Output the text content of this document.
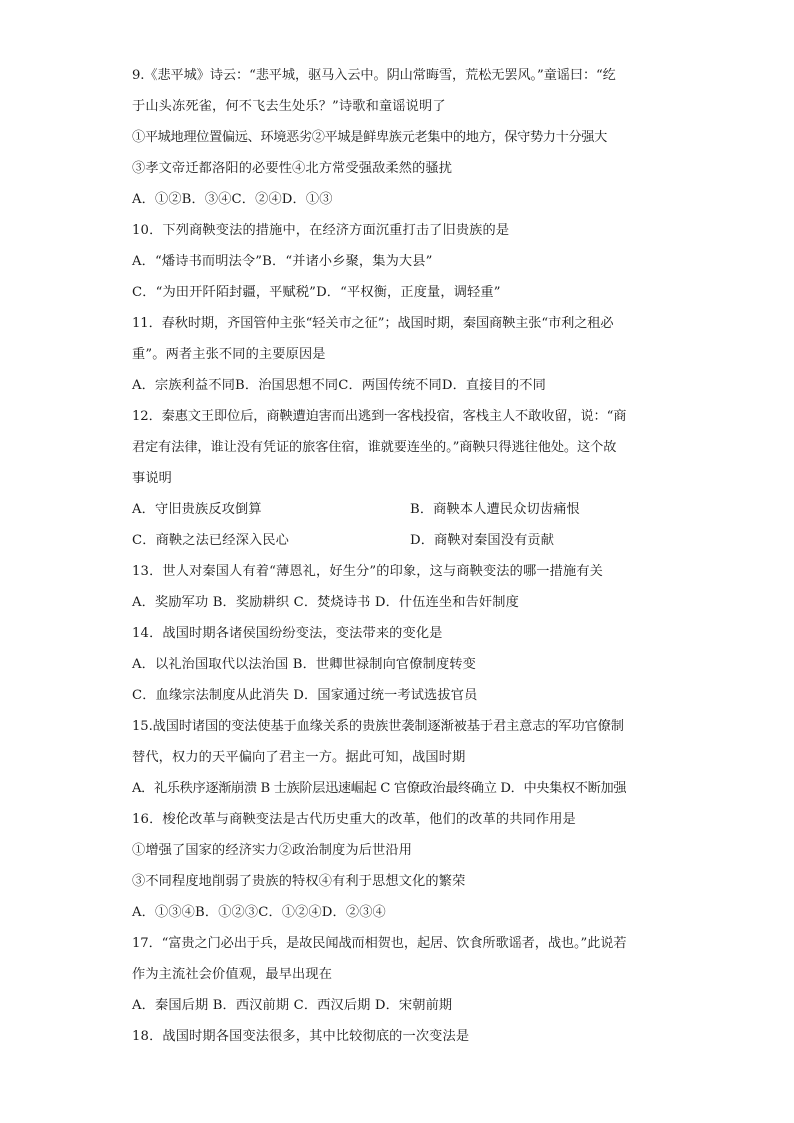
9.《悲平城》诗云：“悲平城，驱马入云中。阴山常晦雪，荒松无罢风。”童谣曰：“纥
于山头冻死雀，何不飞去生处乐？”诗歌和童谣说明了
①平城地理位置偏远、环境恶劣②平城是鲜卑族元老集中的地方，保守势力十分强大
③孝文帝迁都洛阳的必要性④北方常受强敌柔然的骚扰
A．①②B．③④C．②④D．①③
10．下列商鞅变法的措施中，在经济方面沉重打击了旧贵族的是
A．“燔诗书而明法令”B．“并诸小乡聚，集为大县”
C．“为田开阡陌封疆，平赋税”D．“平权衡，正度量，调轻重”
11．春秋时期，齐国管仲主张“轻关市之征”；战国时期，秦国商鞅主张“市利之租必
重”。两者主张不同的主要原因是
A．宗族利益不同B．治国思想不同C．两国传统不同D．直接目的不同
12．秦惠文王即位后，商鞅遭迫害而出逃到一客栈投宿，客栈主人不敢收留，说：“商
君定有法律，谁让没有凭证的旅客住宿，谁就要连坐的。”商鞅只得逃往他处。这个故
事说明
A．守旧贵族反攻倒算	B．商鞅本人遭民众切齿痛恨
C．商鞅之法已经深入民心	D．商鞅对秦国没有贡献
13．世人对秦国人有着“薄恩礼，好生分”的印象，这与商鞅变法的哪一措施有关
A．奖励军功 B．奖励耕织 C．焚烧诗书 D．什伍连坐和告奸制度
14．战国时期各诸侯国纷纷变法，变法带来的变化是
A．以礼治国取代以法治国 B．世卿世禄制向官僚制度转变
C．血缘宗法制度从此消失 D．国家通过统一考试选拔官员
15.战国时诸国的变法使基于血缘关系的贵族世袭制逐渐被基于君主意志的军功官僚制
替代，权力的天平偏向了君主一方。据此可知，战国时期
A．礼乐秩序逐渐崩溃 B 士族阶层迅速崛起 C 官僚政治最终确立 D．中央集权不断加强
16．梭伦改革与商鞅变法是古代历史重大的改革，他们的改革的共同作用是
①增强了国家的经济实力②政治制度为后世沿用
③不同程度地削弱了贵族的特权④有利于思想文化的繁荣
A．①③④B．①②③C．①②④D．②③④
17．“富贵之门必出于兵，是故民闻战而相贺也，起居、饮食所歌谣者，战也。”此说若
作为主流社会价值观，最早出现在
A．秦国后期 B．西汉前期 C．西汉后期 D．宋朝前期
18．战国时期各国变法很多，其中比较彻底的一次变法是
